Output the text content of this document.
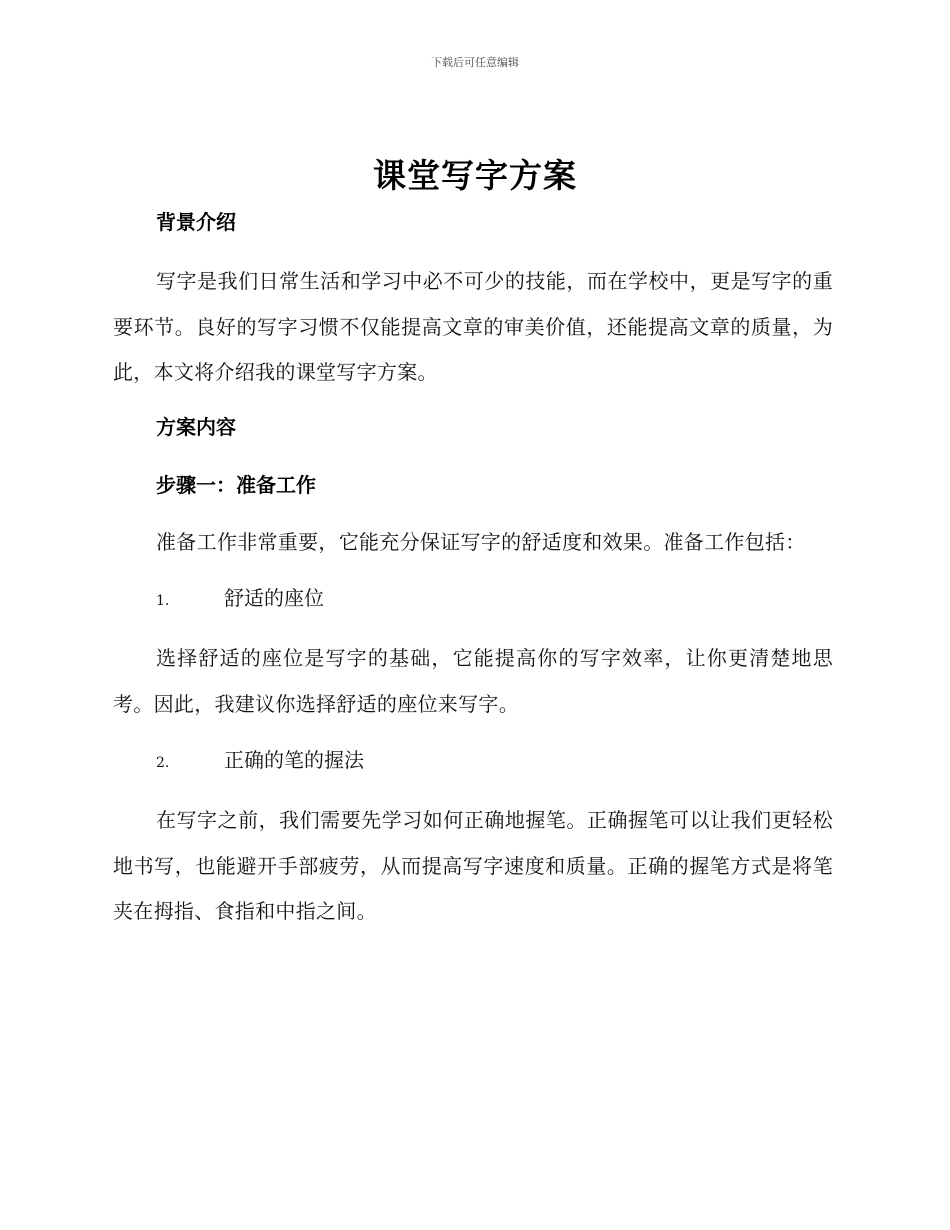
下载后可任意编辑
课堂写字方案

背景介绍

写字是我们日常生活和学习中必不可少的技能，而在学校中，更是写字的重要环节。良好的写字习惯不仅能提高文章的审美价值，还能提高文章的质量，为此，本文将介绍我的课堂写字方案。

方案内容

步骤一：准备工作

准备工作非常重要，它能充分保证写字的舒适度和效果。准备工作包括：

1.	舒适的座位

选择舒适的座位是写字的基础，它能提高你的写字效率，让你更清楚地思考。因此，我建议你选择舒适的座位来写字。

2.	正确的笔的握法

在写字之前，我们需要先学习如何正确地握笔。正确握笔可以让我们更轻松地书写，也能避开手部疲劳，从而提高写字速度和质量。正确的握笔方式是将笔夹在拇指、食指和中指之间。
